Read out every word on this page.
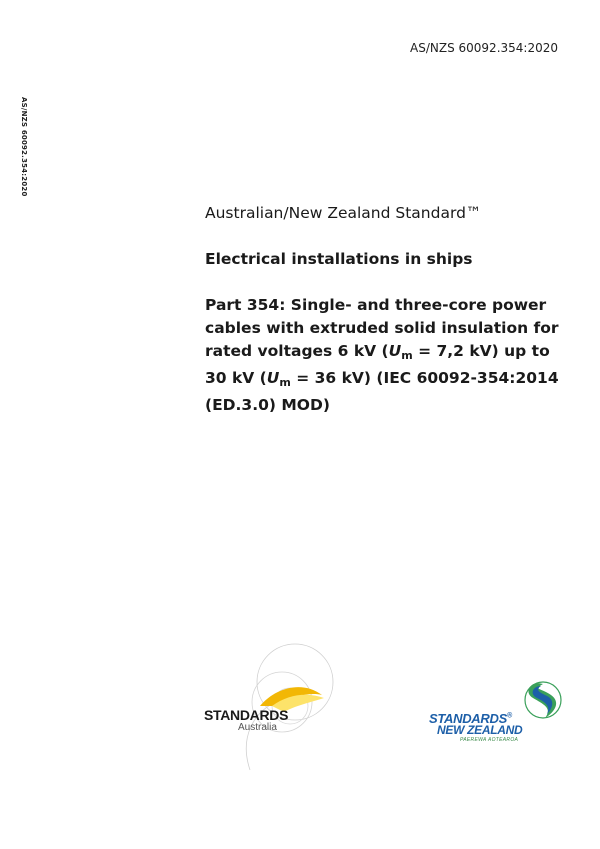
AS/NZS 60092.354:2020
AS/NZS 60092.354:2020
Australian/New Zealand Standard™
Electrical installations in ships

Part 354: Single- and three-core power cables with extruded solid insulation for rated voltages 6 kV ($U_m = 7,2$ kV) up to 30 kV ($U_m = 36$ kV) (IEC 60092-354:2014 (ED.3.0) MOD)

STANDARDS
Australia
STANDARDS®
NEW ZEALAND
PAEREWA AOTEAROA
